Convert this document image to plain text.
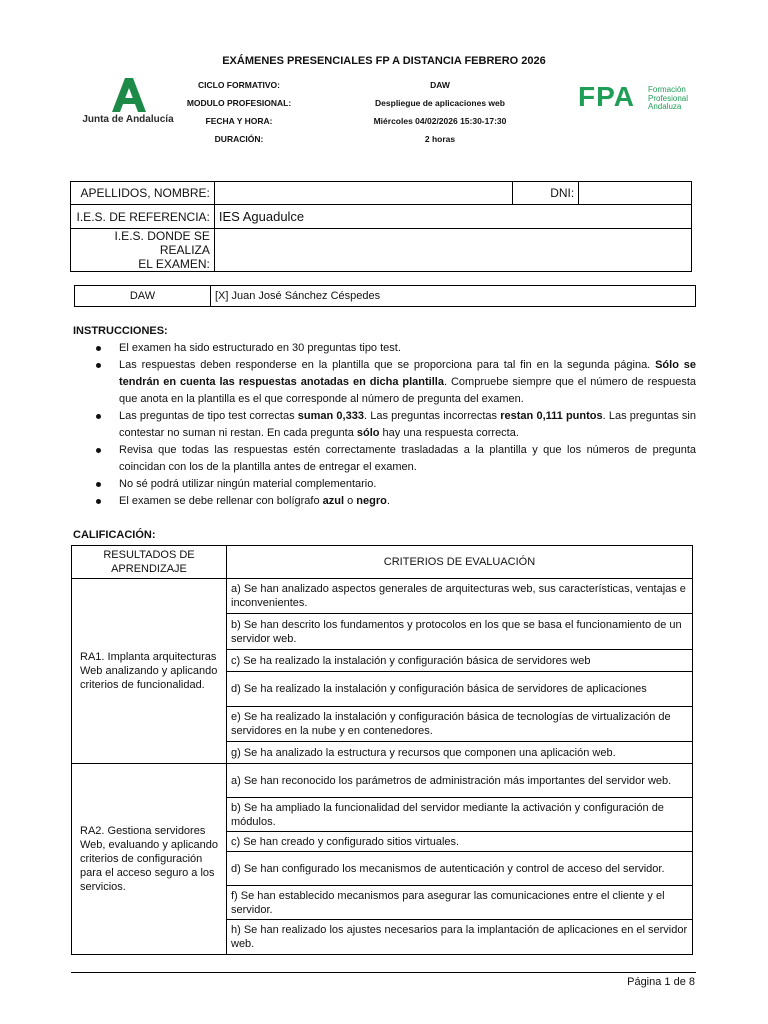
EXÁMENES PRESENCIALES FP A DISTANCIA FEBRERO 2026
Junta de Andalucía
CICLO FORMATIVO:	DAW
MODULO PROFESIONAL:	Despliegue de aplicaciones web
FECHA Y HORA:	Miércoles 04/02/2026 15:30-17:30
DURACIÓN:	2 horas
FPA Formación
Profesional
Andaluza
APELLIDOS, NOMBRE:		DNI:	
I.E.S. DE REFERENCIA:	IES Aguadulce		

I.E.S. DONDE SE REALIZA
EL EXAMEN:			

DAW	[X] Juan José Sánchez Céspedes
INSTRUCCIONES:
El examen ha sido estructurado en 30 preguntas tipo test.
Las respuestas deben responderse en la plantilla que se proporciona para tal fin en la segunda página. Sólo se tendrán en cuenta las respuestas anotadas en dicha plantilla. Compruebe siempre que el número de respuesta que anota en la plantilla es el que corresponde al número de pregunta del examen.
Las preguntas de tipo test correctas suman 0,333. Las preguntas incorrectas restan 0,111 puntos. Las preguntas sin contestar no suman ni restan. En cada pregunta sólo hay una respuesta correcta.
Revisa que todas las respuestas estén correctamente trasladadas a la plantilla y que los números de pregunta coincidan con los de la plantilla antes de entregar el examen.
No sé podrá utilizar ningún material complementario.
El examen se debe rellenar con bolígrafo azul o negro.
CALIFICACIÓN:
RESULTADOS DE APRENDIZAJE	CRITERIOS DE EVALUACIÓN
RA1. Implanta arquitecturas Web analizando y aplicando criterios de funcionalidad.	a) Se han analizado aspectos generales de arquitecturas web, sus características, ventajas e inconvenientes.
	b) Se han descrito los fundamentos y protocolos en los que se basa el funcionamiento de un servidor web.
	c) Se ha realizado la instalación y configuración básica de servidores web
	d) Se ha realizado la instalación y configuración básica de servidores de aplicaciones
	e) Se ha realizado la instalación y configuración básica de tecnologías de virtualización de servidores en la nube y en contenedores.
	g) Se ha analizado la estructura y recursos que componen una aplicación web.
RA2. Gestiona servidores Web, evaluando y aplicando criterios de configuración para el acceso seguro a los servicios.	a) Se han reconocido los parámetros de administración más importantes del servidor web.
	b) Se ha ampliado la funcionalidad del servidor mediante la activación y configuración de módulos.
	c) Se han creado y configurado sitios virtuales.
	d) Se han configurado los mecanismos de autenticación y control de acceso del servidor.
	f) Se han establecido mecanismos para asegurar las comunicaciones entre el cliente y el servidor.
	h) Se han realizado los ajustes necesarios para la implantación de aplicaciones en el servidor web.
Página 1 de 8
